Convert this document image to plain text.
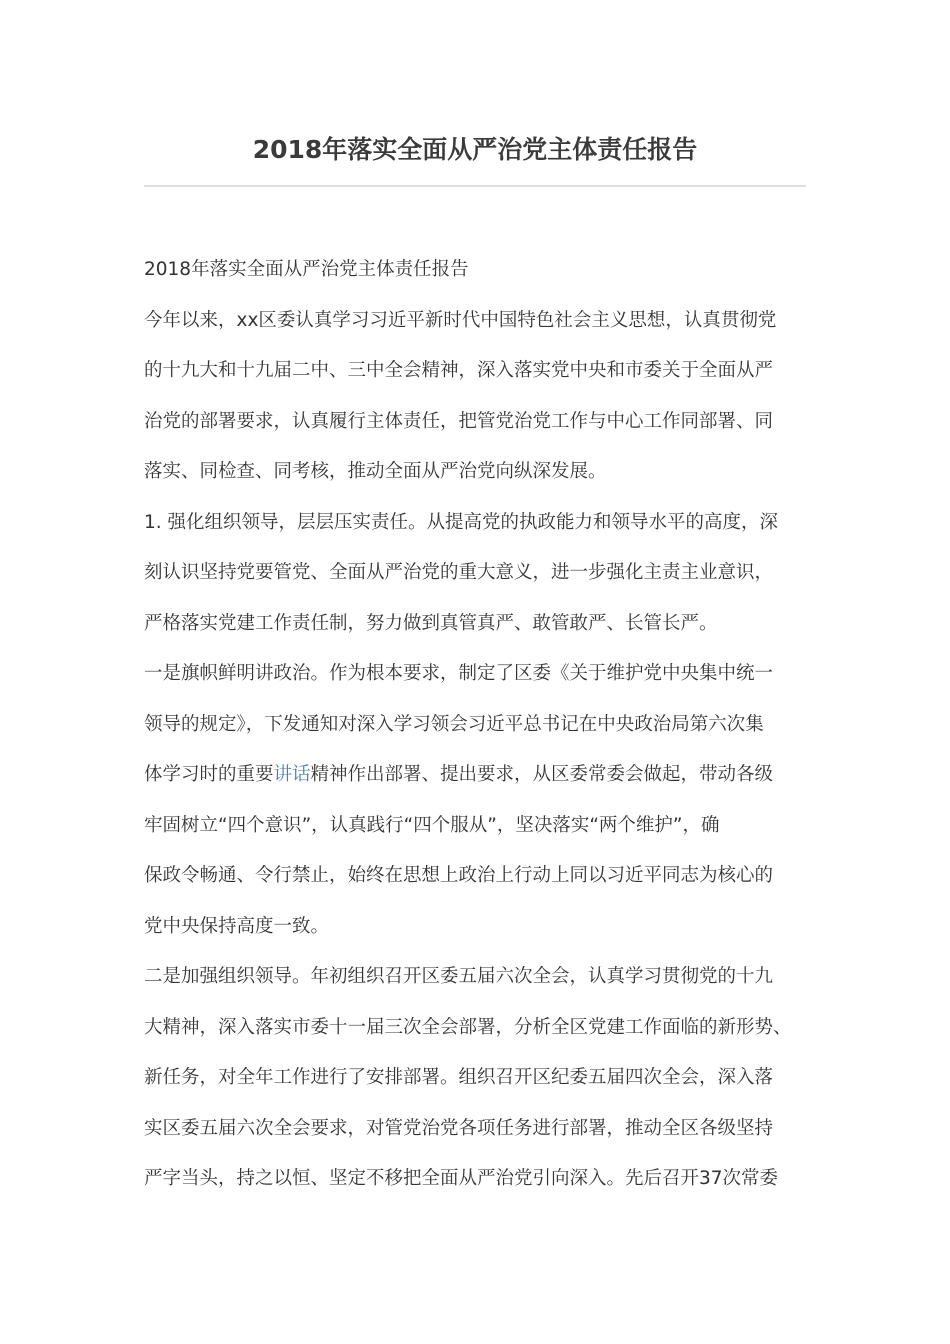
2018年落实全面从严治党主体责任报告
2018年落实全面从严治党主体责任报告
今年以来，xx区委认真学习习近平新时代中国特色社会主义思想，认真贯彻党
的十九大和十九届二中、三中全会精神，深入落实党中央和市委关于全面从严
治党的部署要求，认真履行主体责任，把管党治党工作与中心工作同部署、同
落实、同检查、同考核，推动全面从严治党向纵深发展。
1. 强化组织领导，层层压实责任。从提高党的执政能力和领导水平的高度，深
刻认识坚持党要管党、全面从严治党的重大意义，进一步强化主责主业意识，
严格落实党建工作责任制，努力做到真管真严、敢管敢严、长管长严。
一是旗帜鲜明讲政治。作为根本要求，制定了区委《关于维护党中央集中统一
领导的规定》，下发通知对深入学习领会习近平总书记在中央政治局第六次集
体学习时的重要讲话精神作出部署、提出要求，从区委常委会做起，带动各级
牢固树立“四个意识”，认真践行“四个服从”，坚决落实“两个维护”，确
保政令畅通、令行禁止，始终在思想上政治上行动上同以习近平同志为核心的
党中央保持高度一致。
二是加强组织领导。年初组织召开区委五届六次全会，认真学习贯彻党的十九
大精神，深入落实市委十一届三次全会部署，分析全区党建工作面临的新形势、
新任务，对全年工作进行了安排部署。组织召开区纪委五届四次全会，深入落
实区委五届六次全会要求，对管党治党各项任务进行部署，推动全区各级坚持
严字当头，持之以恒、坚定不移把全面从严治党引向深入。先后召开37次常委
